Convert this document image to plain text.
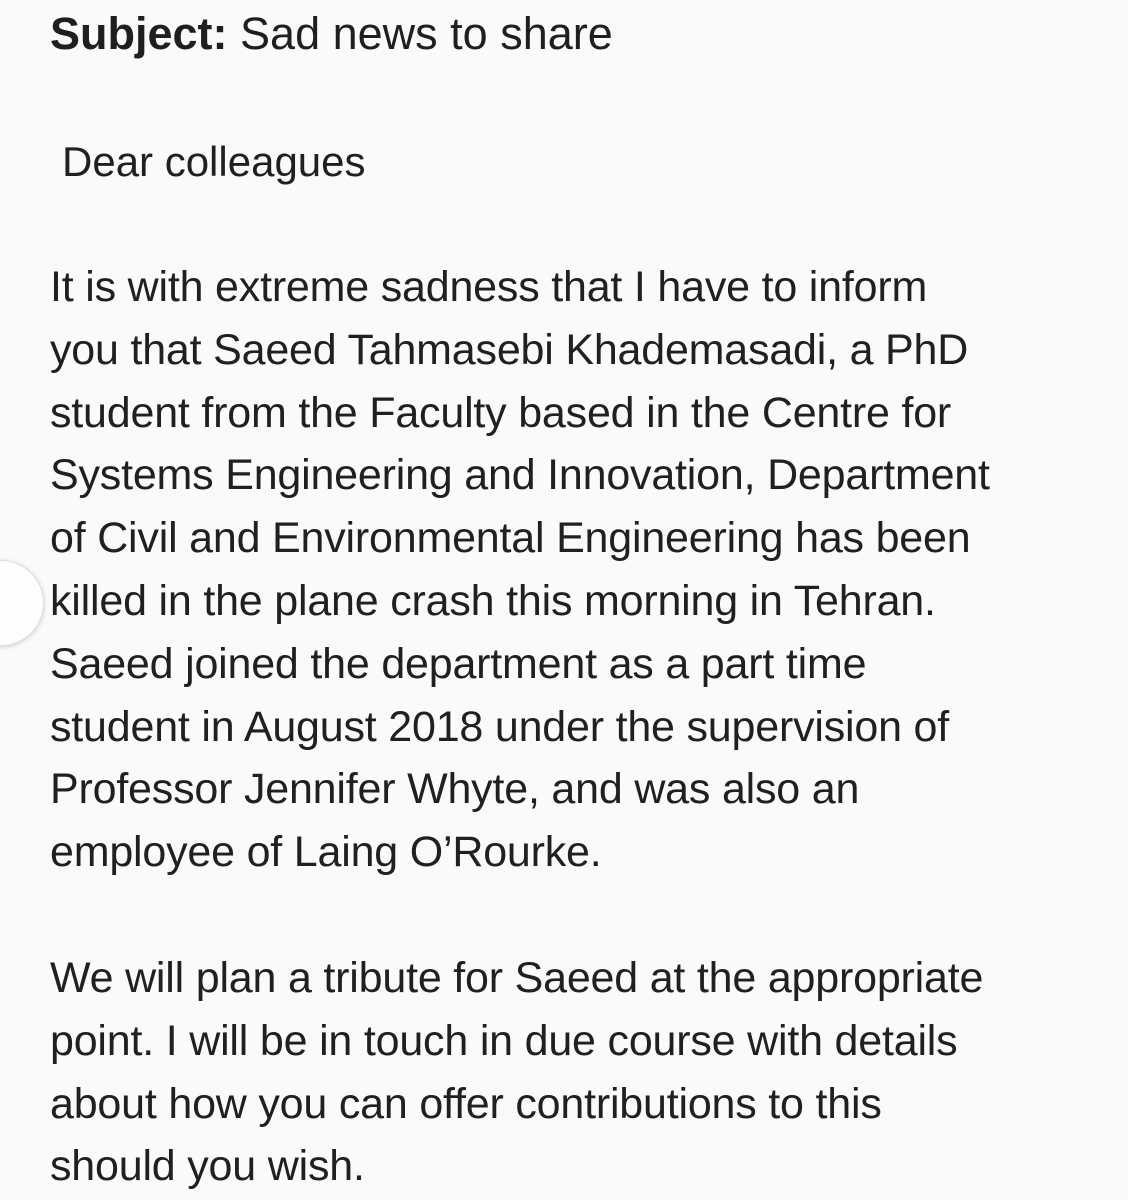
Subject: Sad news to share
Dear colleagues
It is with extreme sadness that I have to inform
you that Saeed Tahmasebi Khademasadi, a PhD
student from the Faculty based in the Centre for
Systems Engineering and Innovation, Department
of Civil and Environmental Engineering has been
killed in the plane crash this morning in Tehran.
Saeed joined the department as a part time
student in August 2018 under the supervision of
Professor Jennifer Whyte, and was also an
employee of Laing O’Rourke.
We will plan a tribute for Saeed at the appropriate
point. I will be in touch in due course with details
about how you can offer contributions to this
should you wish.
